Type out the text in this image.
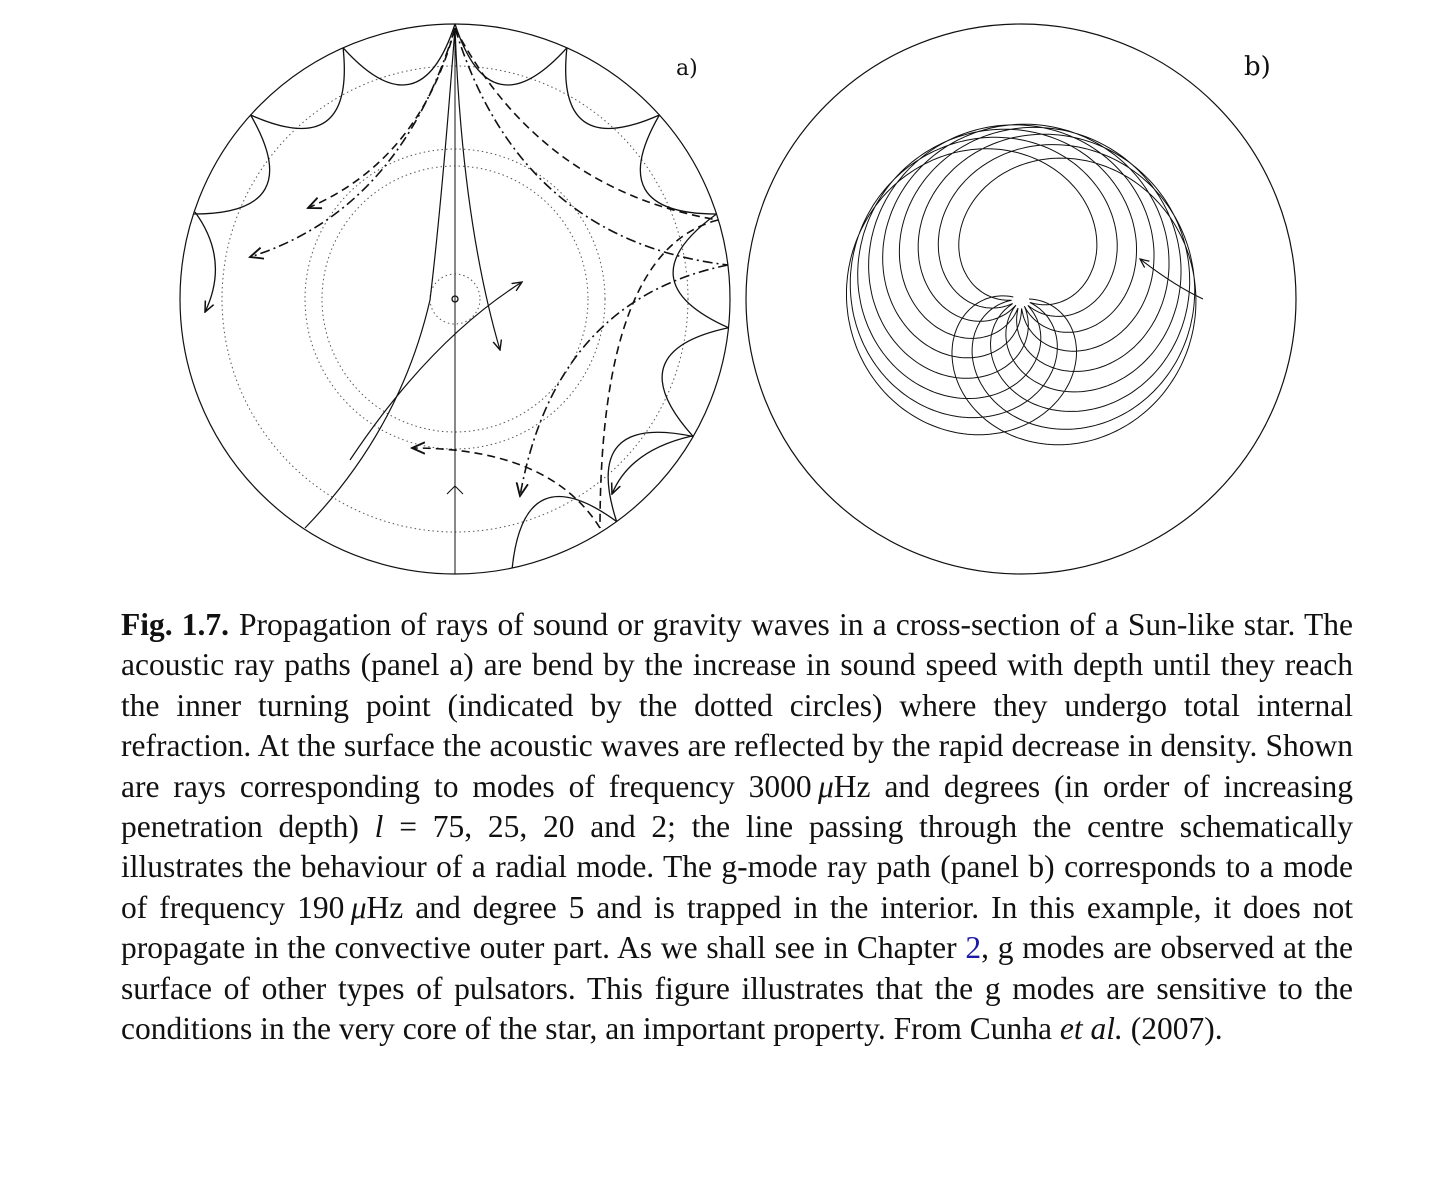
a)	b)
Fig. 1.7. Propagation of rays of sound or gravity waves in a cross-section of a Sun-like star. The acoustic ray paths (panel a) are bend by the increase in sound speed with depth until they reach the inner turning point (indicated by the dotted circles) where they undergo total internal refraction. At the surface the acoustic waves are reflected by the rapid decrease in density. Shown are rays corresponding to modes of frequency 3000 μHz and degrees (in order of increasing penetration depth) l = 75, 25, 20 and 2; the line passing through the centre schematically illustrates the behaviour of a radial mode. The g-mode ray path (panel b) corresponds to a mode of frequency 190 μHz and degree 5 and is trapped in the interior. In this example, it does not propagate in the convective outer part. As we shall see in Chapter 2, g modes are observed at the surface of other types of pulsators. This figure illustrates that the g modes are sensitive to the conditions in the very core of the star, an important property. From Cunha et al. (2007).
